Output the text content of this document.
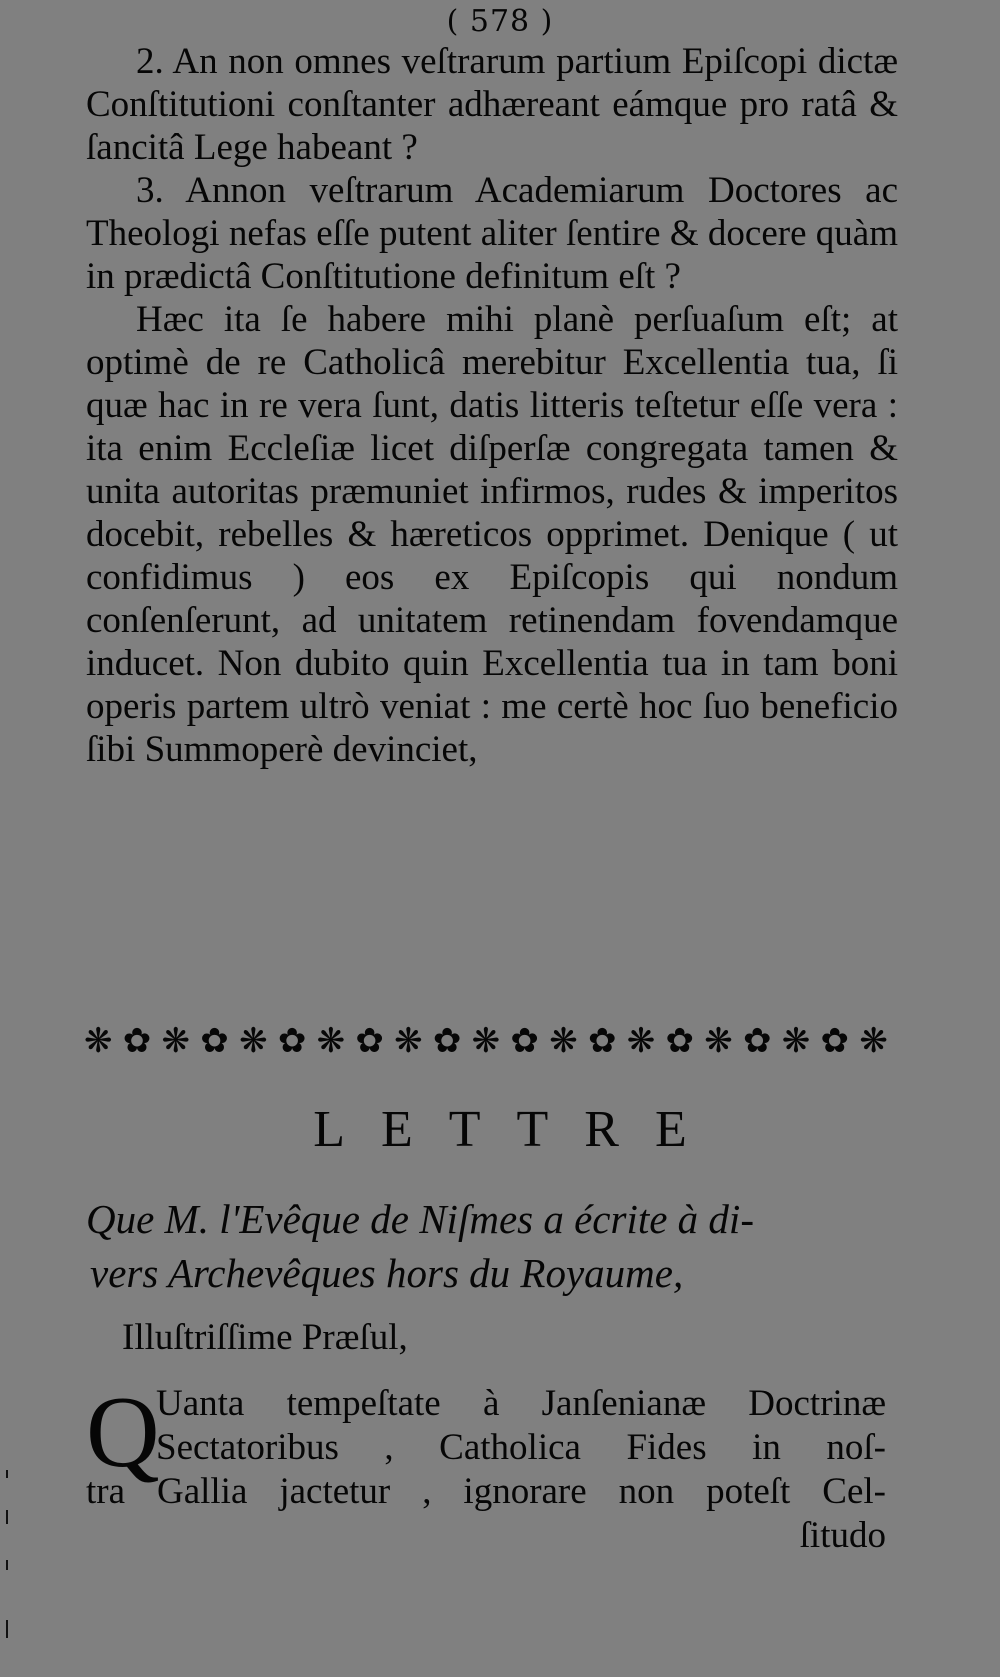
( 578 )

2. An non omnes veſtrarum partium Epiſcopi dictæ Conſtitutioni conſtanter adhæreant eámque pro ratâ & ſancitâ Lege habeant ?

3. Annon veſtrarum Academiarum Doctores ac Theologi nefas eſſe putent aliter ſentire & docere quàm in prædictâ Conſtitutione definitum eſt ?

Hæc ita ſe habere mihi planè perſuaſum eſt; at optimè de re Catholicâ merebitur Excellentia tua, ſi quæ hac in re vera ſunt, datis litteris teſtetur eſſe vera : ita enim Eccleſiæ licet diſperſæ congregata tamen & unita autoritas præmuniet infirmos, rudes & imperitos docebit, rebelles & hæreticos opprimet. Denique ( ut confidimus ) eos ex Epiſcopis qui nondum conſenſerunt, ad unitatem retinendam fovendamque inducet. Non dubito quin Excellentia tua in tam boni operis partem ultrò veniat : me certè hoc ſuo beneficio ſibi Summoperè devinciet,

❋ ✿ ❋ ✿ ❋ ✿ ❋ ✿ ❋ ✿ ❋ ✿ ❋ ✿ ❋ ✿ ❋ ✿ ❋ ✿ ❋
LETTRE
Que M. l'Evêque de Niſmes a écrite à di-
vers Archevêques hors du Royaume,
Illuſtriſſime Præſul,
Q
Uanta tempeſtate à Janſenianæ Doctrinæ
Sectatoribus , Catholica Fides in noſ-
tra Gallia jactetur , ignorare non poteſt Cel-
ſitudo
